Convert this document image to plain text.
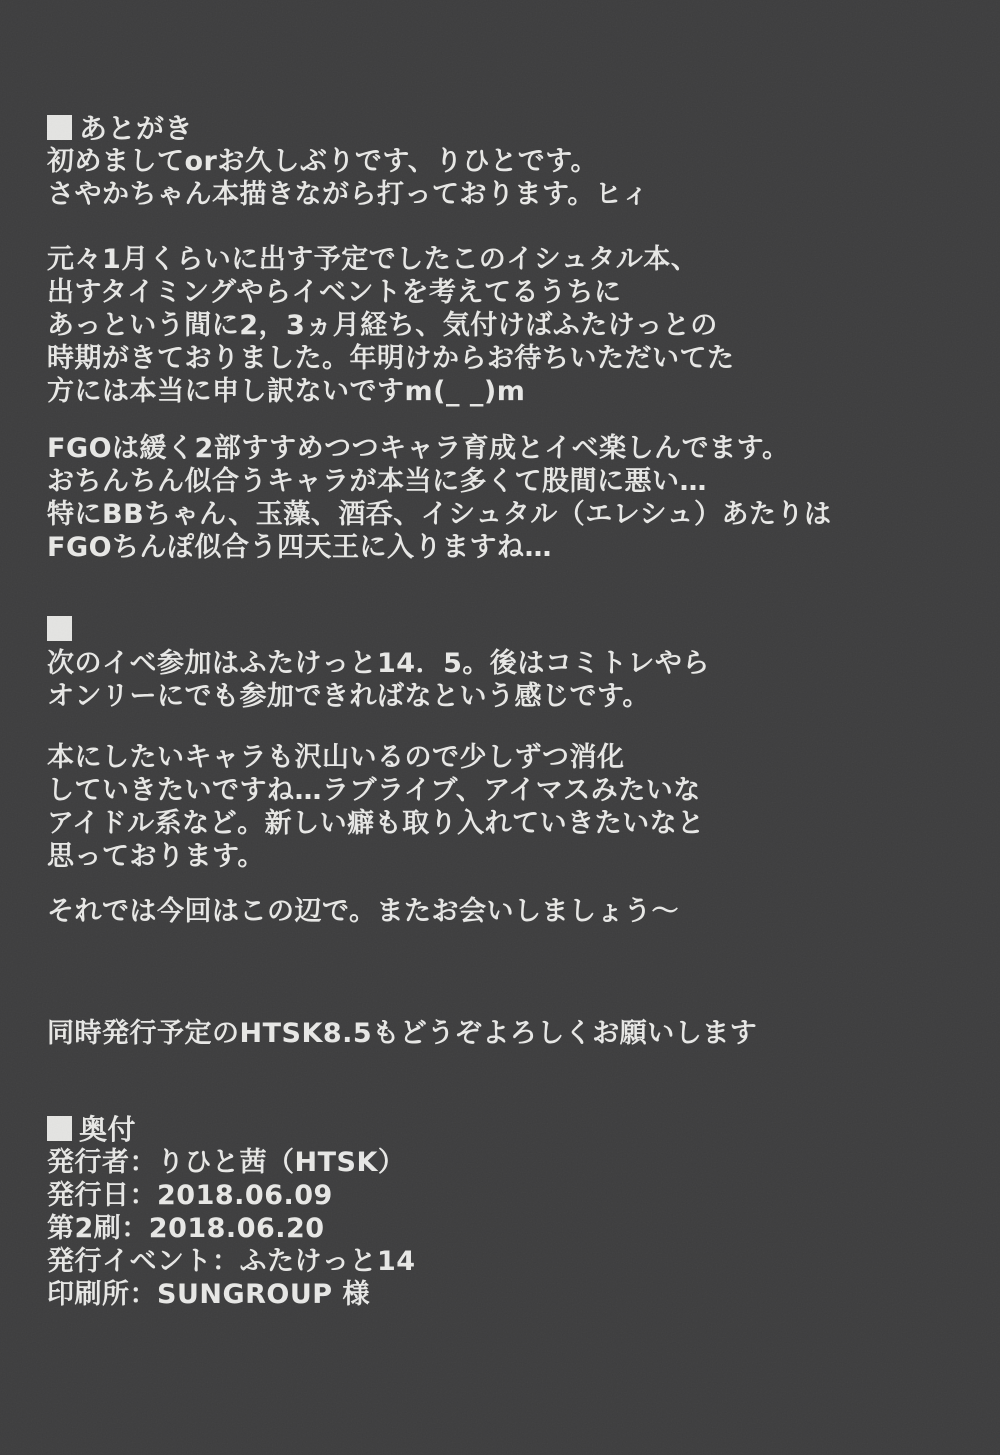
あとがき
初めましてorお久しぶりです、りひとです。
さやかちゃん本描きながら打っております。ヒィ
元々1月くらいに出す予定でしたこのイシュタル本、
出すタイミングやらイベントを考えてるうちに
あっという間に2，3ヵ月経ち、気付けばふたけっとの
時期がきておりました。年明けからお待ちいただいてた
方には本当に申し訳ないですm(_ _)m
FGOは緩く2部すすめつつキャラ育成とイベ楽しんでます。
おちんちん似合うキャラが本当に多くて股間に悪い…
特にBBちゃん、玉藻、酒呑、イシュタル（エレシュ）あたりは
FGOちんぽ似合う四天王に入りますね…
次のイベ参加はふたけっと14．5。後はコミトレやら
オンリーにでも参加できればなという感じです。
本にしたいキャラも沢山いるので少しずつ消化
していきたいですね…ラブライブ、アイマスみたいな
アイドル系など。新しい癖も取り入れていきたいなと
思っております。
それでは今回はこの辺で。またお会いしましょう～
同時発行予定のHTSK8.5もどうぞよろしくお願いします
奥付
発行者：りひと茜（HTSK）
発行日：2018.06.09
第2刷：2018.06.20
発行イベント：ふたけっと14
印刷所：SUNGROUP 様
